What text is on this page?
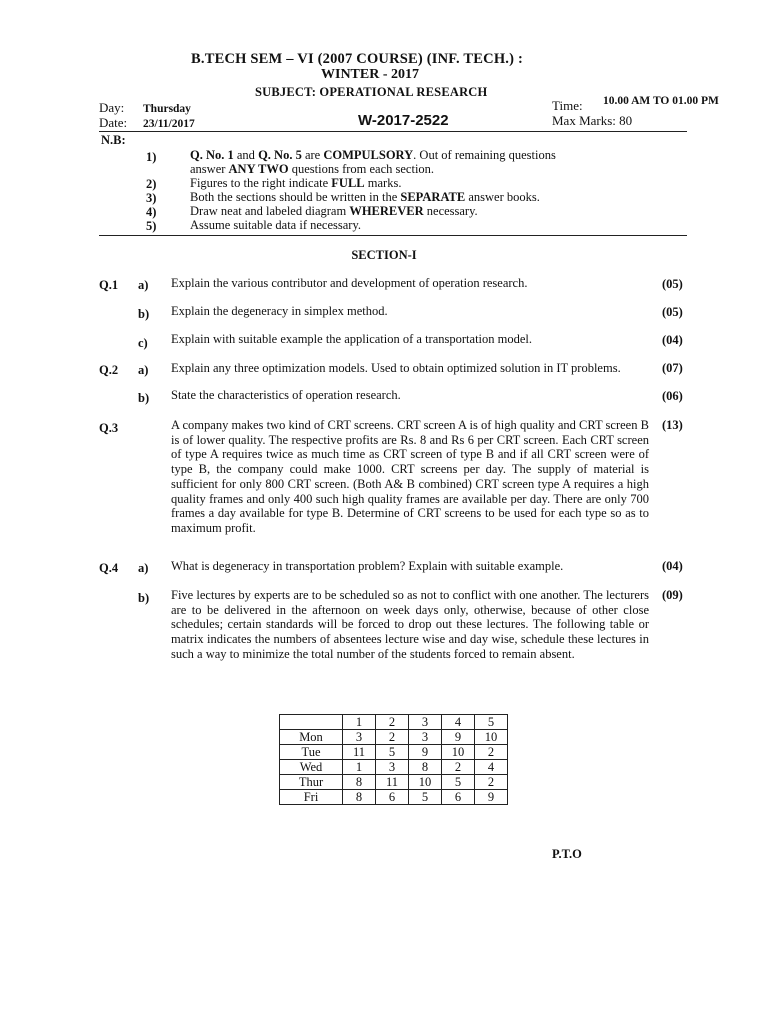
B.TECH SEM – VI (2007 COURSE) (INF. TECH.) :
WINTER - 2017
SUBJECT: OPERATIONAL RESEARCH
Day: Thursday
Date: 23/11/2017	W-2017-2522
Time: 10.00 AM TO 01.00 PM
Max Marks: 80
N.B:
1)	Q. No. 1 and Q. No. 5 are COMPULSORY. Out of remaining questions
answer ANY TWO questions from each section.
2)	Figures to the right indicate FULL marks.
3)	Both the sections should be written in the SEPARATE answer books.
4)	Draw neat and labeled diagram WHEREVER necessary.
5)	Assume suitable data if necessary.
SECTION-I
Q.1 a) Explain the various contributor and development of operation research.	(05)
b) Explain the degeneracy in simplex method.	(05)
c) Explain with suitable example the application of a transportation model.	(04)
Q.2 a) Explain any three optimization models. Used to obtain optimized solution in IT problems.	(07)
b) State the characteristics of operation research.	(06)
Q.3	A company makes two kind of CRT screens. CRT screen A is of high quality and CRT screen B is of lower quality. The respective profits are Rs. 8 and Rs 6 per CRT screen. Each CRT screen of type A requires twice as much time as CRT screen of type B and if all CRT screen were of type B, the company could make 1000. CRT screens per day. The supply of material is sufficient for only 800 CRT screen. (Both A& B combined) CRT screen type A requires a high quality frames and only 400 such high quality frames are available per day. There are only 700 frames a day available for type B. Determine of CRT screens to be used for each type so as to maximum profit.
(13)
Q.4 a) What is degeneracy in transportation problem? Explain with suitable example.	(04)
b) Five lectures by experts are to be scheduled so as not to conflict with one another. The lecturers are to be delivered in the afternoon on week days only, otherwise, because of other close schedules; certain standards will be forced to drop out these lectures. The following table or matrix indicates the numbers of absentees lecture wise and day wise, schedule these lectures in such a way to minimize the total number of the students forced to remain absent.
(09)
	1	2	3	4	5
Mon	3	2	3	9	10
Tue	11	5	9	10	2
Wed	1	3	8	2	4
Thur	8	11	10	5	2
Fri	8	6	5	6	9
P.T.O
